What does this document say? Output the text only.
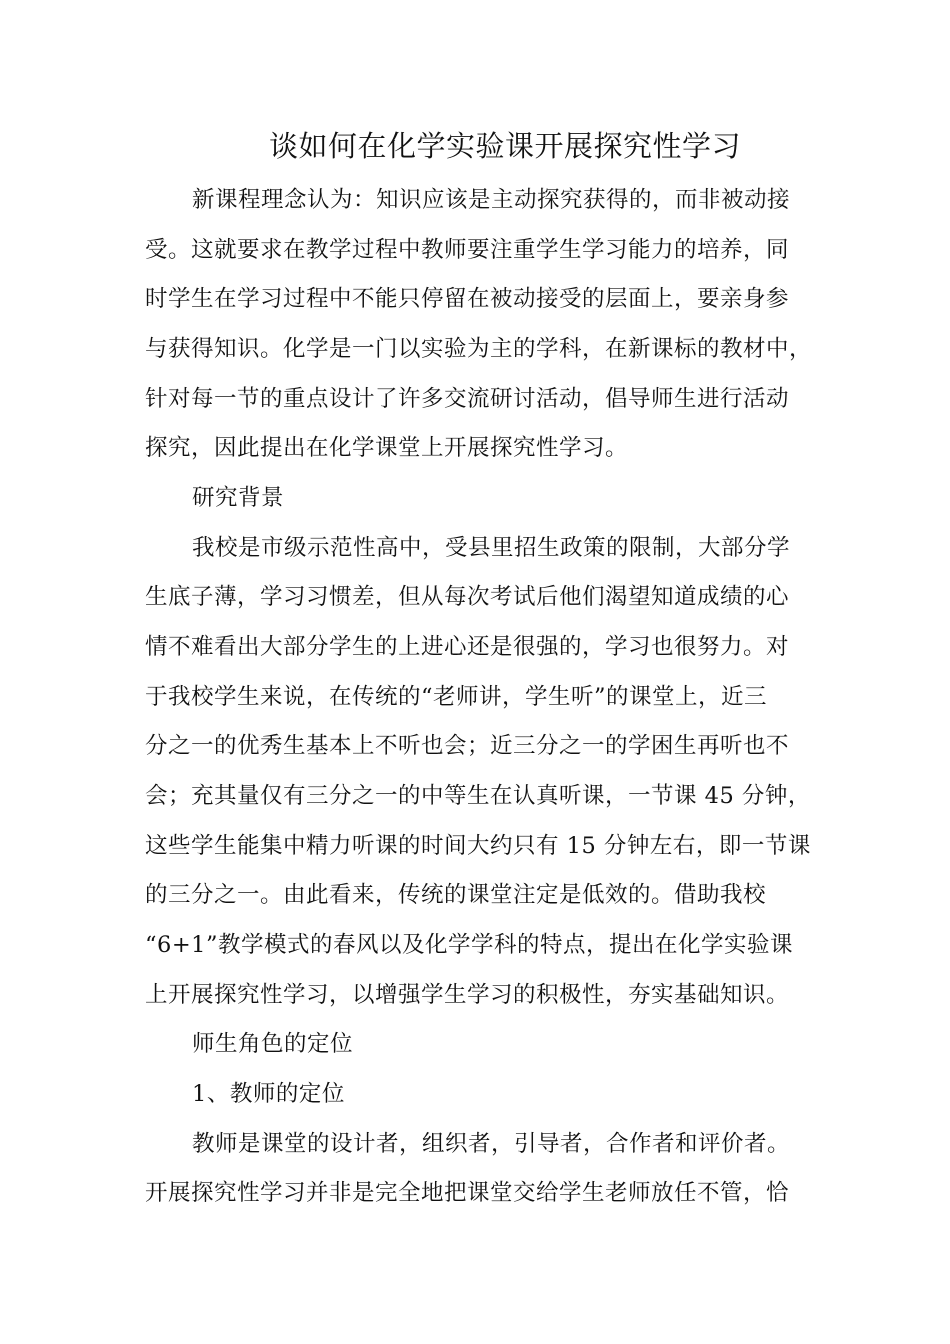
谈如何在化学实验课开展探究性学习
新课程理念认为：知识应该是主动探究获得的，而非被动接
受。这就要求在教学过程中教师要注重学生学习能力的培养，同
时学生在学习过程中不能只停留在被动接受的层面上，要亲身参
与获得知识。化学是一门以实验为主的学科，在新课标的教材中，
针对每一节的重点设计了许多交流研讨活动，倡导师生进行活动
探究，因此提出在化学课堂上开展探究性学习。
研究背景
我校是市级示范性高中，受县里招生政策的限制，大部分学
生底子薄，学习习惯差，但从每次考试后他们渴望知道成绩的心
情不难看出大部分学生的上进心还是很强的，学习也很努力。对
于我校学生来说，在传统的“老师讲，学生听”的课堂上，近三
分之一的优秀生基本上不听也会；近三分之一的学困生再听也不
会；充其量仅有三分之一的中等生在认真听课，一节课 45 分钟，
这些学生能集中精力听课的时间大约只有 15 分钟左右，即一节课
的三分之一。由此看来，传统的课堂注定是低效的。借助我校
“6+1”教学模式的春风以及化学学科的特点，提出在化学实验课
上开展探究性学习，以增强学生学习的积极性，夯实基础知识。
师生角色的定位
1、教师的定位
教师是课堂的设计者，组织者，引导者，合作者和评价者。
开展探究性学习并非是完全地把课堂交给学生老师放任不管，恰
